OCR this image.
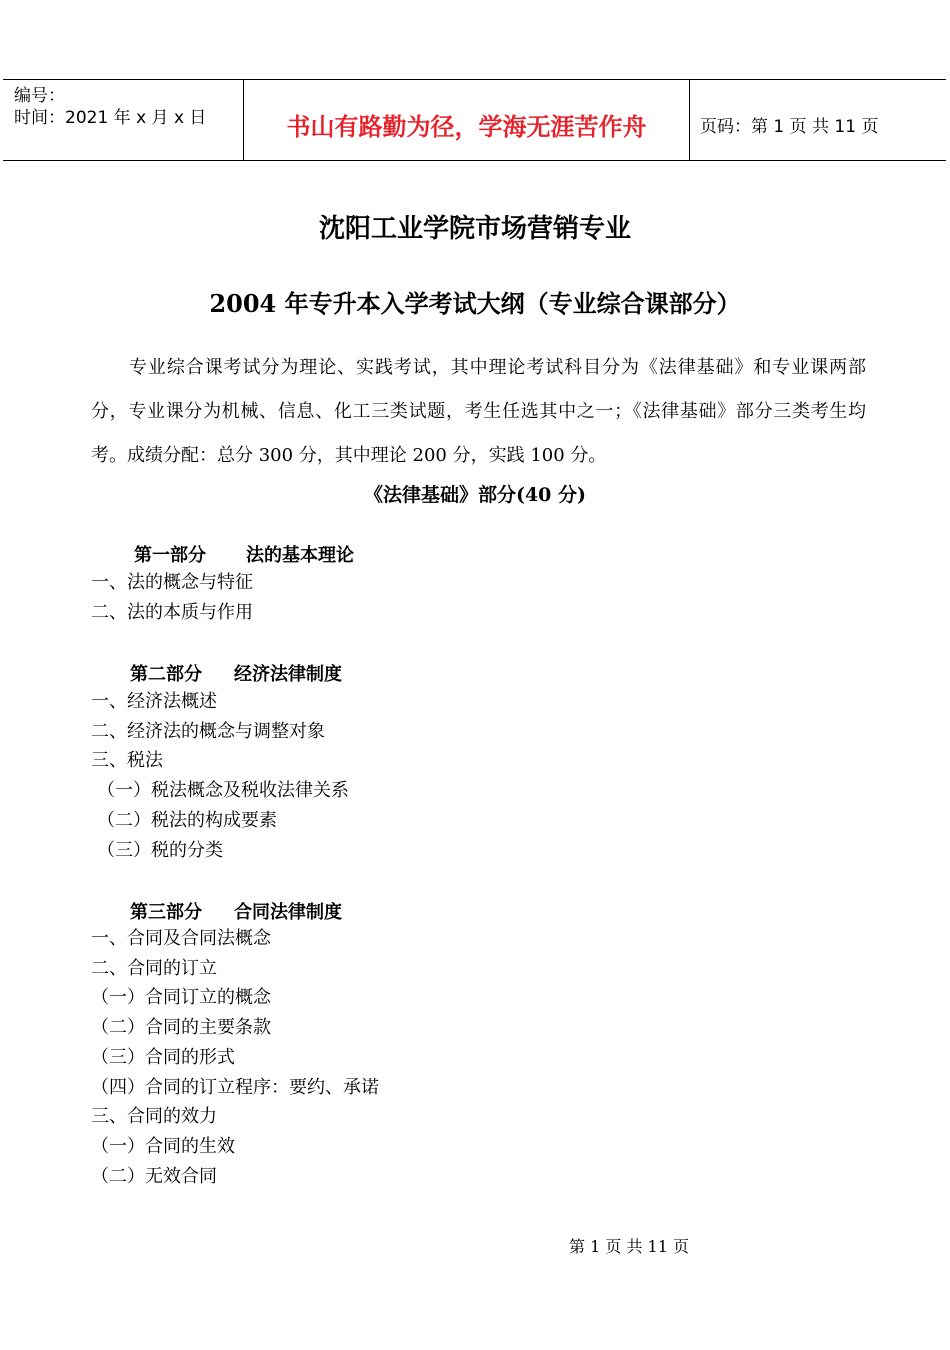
编号：
时间：2021 年 x 月 x 日	书山有路勤为径，学海无涯苦作舟	页码：第 1 页 共 11 页
沈阳工业学院市场营销专业
2004 年专升本入学考试大纲（专业综合课部分）
专业综合课考试分为理论、实践考试，其中理论考试科目分为《法律基础》和专业课两部分，专业课分为机械、信息、化工三类试题，考生任选其中之一；《法律基础》部分三类考生均考。成绩分配：总分 300 分，其中理论 200 分，实践 100 分。
《法律基础》部分(40 分)
第一部分 法的基本理论
一、法的概念与特征
二、法的本质与作用
第二部分 经济法律制度
一、经济法概述
二、经济法的概念与调整对象
三、税法
（一）税法概念及税收法律关系
（二）税法的构成要素
（三）税的分类
第三部分 合同法律制度
一、合同及合同法概念
二、合同的订立
（一）合同订立的概念
（二）合同的主要条款
（三）合同的形式
（四）合同的订立程序：要约、承诺
三、合同的效力
（一）合同的生效
（二）无效合同
第 1 页 共 11 页
